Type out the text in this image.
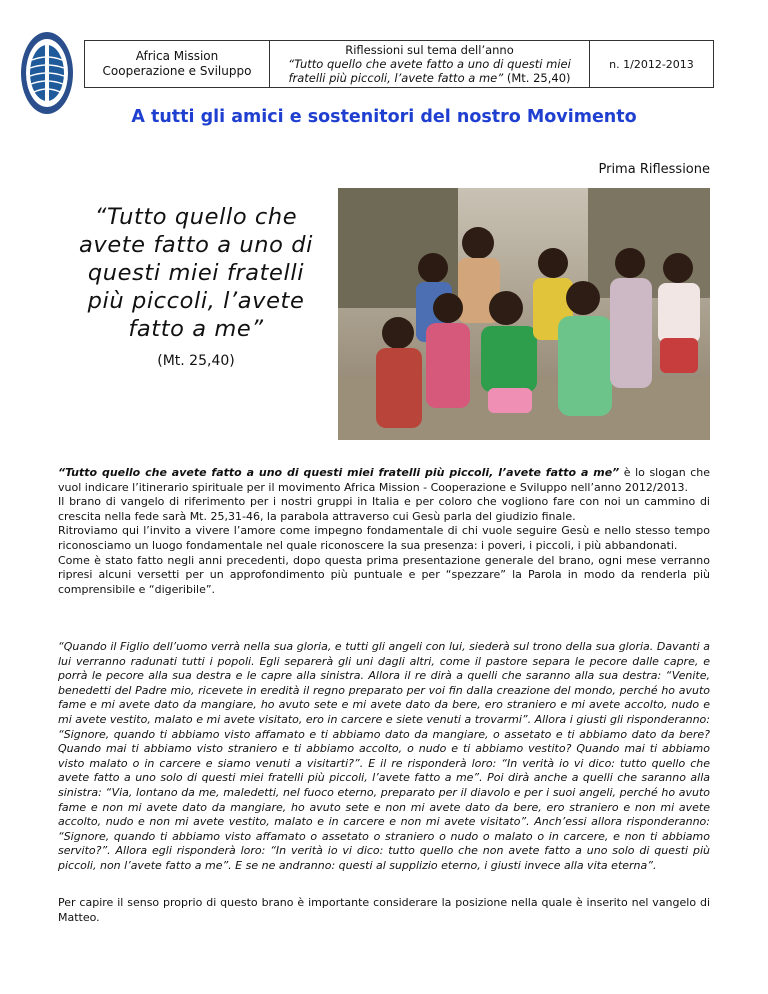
Africa Mission
Cooperazione e Sviluppo
Riflessioni sul tema dell’anno
“Tutto quello che avete fatto a uno di questi miei
fratelli più piccoli, l’avete fatto a me” (Mt. 25,40)
n. 1/2012-2013
A tutti gli amici e sostenitori del nostro Movimento
Prima Riflessione
“Tutto quello che
avete fatto a uno di
questi miei fratelli
più piccoli, l’avete
fatto a me”
(Mt. 25,40)

“Tutto quello che avete fatto a uno di questi miei fratelli più piccoli, l’avete fatto a me” è lo slogan che vuol indicare l’itinerario spirituale per il movimento Africa Mission - Cooperazione e Sviluppo nell’anno 2012/2013.

Il brano di vangelo di riferimento per i nostri gruppi in Italia e per coloro che vogliono fare con noi un cammino di crescita nella fede sarà Mt. 25,31-46, la parabola attraverso cui Gesù parla del giudizio finale.

Ritroviamo qui l’invito a vivere l’amore come impegno fondamentale di chi vuole seguire Gesù e nello stesso tempo riconosciamo un luogo fondamentale nel quale riconoscere la sua presenza: i poveri, i piccoli, i più abbandonati.

Come è stato fatto negli anni precedenti, dopo questa prima presentazione generale del brano, ogni mese verranno ripresi alcuni versetti per un approfondimento più puntuale e per “spezzare” la Parola in modo da renderla più comprensibile e “digeribile”.

“Quando il Figlio dell’uomo verrà nella sua gloria, e tutti gli angeli con lui, siederà sul trono della sua gloria. Davanti a lui verranno radunati tutti i popoli. Egli separerà gli uni dagli altri, come il pastore separa le pecore dalle capre, e porrà le pecore alla sua destra e le capre alla sinistra. Allora il re dirà a quelli che saranno alla sua destra: “Venite, benedetti del Padre mio, ricevete in eredità il regno preparato per voi fin dalla creazione del mondo, perché ho avuto fame e mi avete dato da mangiare, ho avuto sete e mi avete dato da bere, ero straniero e mi avete accolto, nudo e mi avete vestito, malato e mi avete visitato, ero in carcere e siete venuti a trovarmi”. Allora i giusti gli risponderanno: “Signore, quando ti abbiamo visto affamato e ti abbiamo dato da mangiare, o assetato e ti abbiamo dato da bere? Quando mai ti abbiamo visto straniero e ti abbiamo accolto, o nudo e ti abbiamo vestito? Quando mai ti abbiamo visto malato o in carcere e siamo venuti a visitarti?”. E il re risponderà loro: “In verità io vi dico: tutto quello che avete fatto a uno solo di questi miei fratelli più piccoli, l’avete fatto a me”. Poi dirà anche a quelli che saranno alla sinistra: “Via, lontano da me, maledetti, nel fuoco eterno, preparato per il diavolo e per i suoi angeli, perché ho avuto fame e non mi avete dato da mangiare, ho avuto sete e non mi avete dato da bere, ero straniero e non mi avete accolto, nudo e non mi avete vestito, malato e in carcere e non mi avete visitato”. Anch’essi allora risponderanno: “Signore, quando ti abbiamo visto affamato o assetato o straniero o nudo o malato o in carcere, e non ti abbiamo servito?”. Allora egli risponderà loro: “In verità io vi dico: tutto quello che non avete fatto a uno solo di questi più piccoli, non l’avete fatto a me”. E se ne andranno: questi al supplizio eterno, i giusti invece alla vita eterna”.
Per capire il senso proprio di questo brano è importante considerare la posizione nella quale è inserito nel vangelo di Matteo.
